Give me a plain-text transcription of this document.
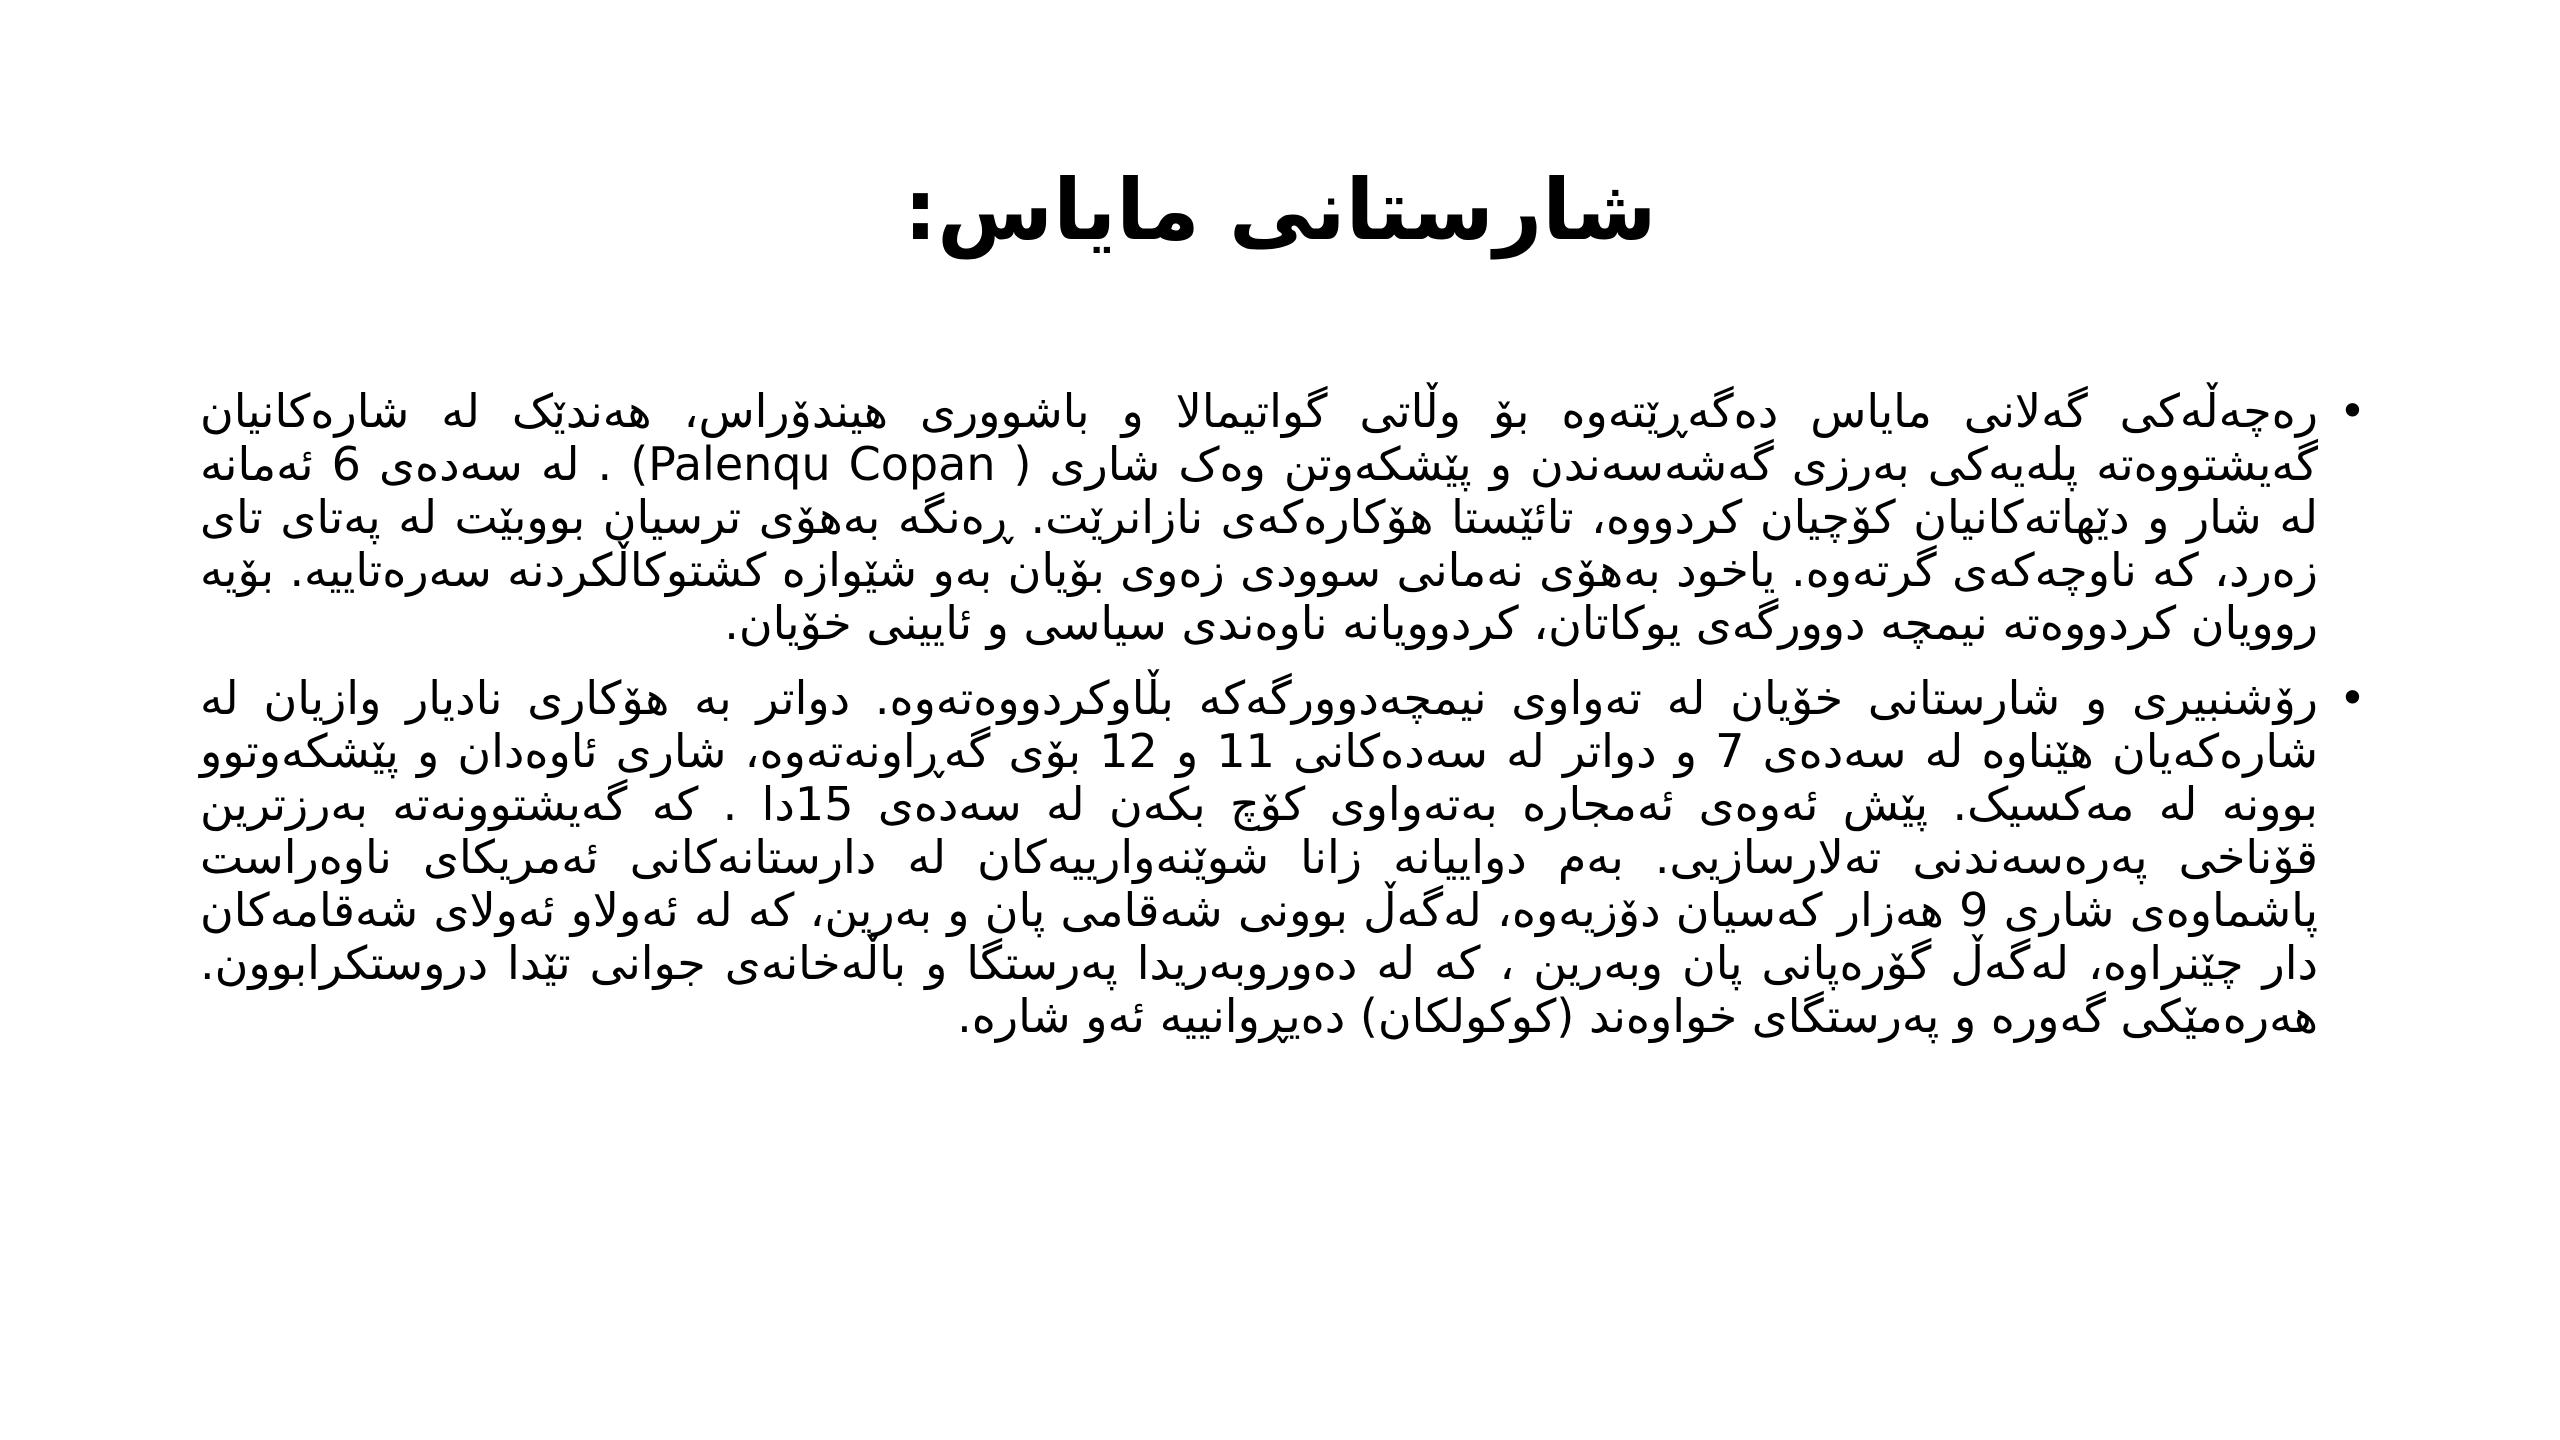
شارستانی مایاس:
•
رەچەڵەکی گەلانی مایاس دەگەڕێتەوە بۆ وڵاتی گواتیمالا و باشووری هیندۆراس، هەندێک لە شارەکانیان گەیشتووەتە پلەیەکی بەرزی گەشەسەندن و پێشکەوتن وەک شاری ( Palenqu Copan) . لە سەدەی 6 ئەمانە لە شار و دێهاتەکانیان کۆچیان کردووە، تائێستا هۆکارەکەی نازانرێت. ڕەنگە بەهۆی ترسیان بووبێت لە پەتای تای زەرد، کە ناوچەکەی گرتەوە. یاخود بەهۆی نەمانی سوودی زەوی بۆیان بەو شێوازە کشتوکاڵکردنە سەرەتاییە. بۆیە روویان کردووەتە نیمچە دوورگەی یوکاتان، کردوویانە ناوەندی سیاسی و ئایینی خۆیان.
•
رۆشنبیری و شارستانی خۆیان لە تەواوی نیمچەدوورگەکە بڵاوکردووەتەوە. دواتر بە هۆکاری نادیار وازیان لە شارەکەیان هێناوە لە سەدەی 7 و دواتر لە سەدەکانی 11 و 12 بۆی گەڕاونەتەوە، شاری ئاوەدان و پێشکەوتوو بوونە لە مەکسیک. پێش ئەوەی ئەمجارە بەتەواوی کۆچ بکەن لە سەدەی 15دا . کە گەیشتوونەتە بەرزترین قۆناخی پەرەسەندنی تەلارسازیی. بەم دواییانە زانا شوێنەوارییەکان لە دارستانەکانی ئەمریکای ناوەراست پاشماوەی شاری 9 هەزار کەسیان دۆزیەوە، لەگەڵ بوونی شەقامی پان و بەرین، کە لە ئەولاو ئەولای شەقامەکان دار چێنراوە، لەگەڵ گۆرەپانی پان وبەرین ، کە لە دەوروبەریدا پەرستگا و باڵەخانەی جوانی تێدا دروستکرابوون. هەرەمێکی گەورە و پەرستگای خواوەند (کوکولکان) دەیڕوانییە ئەو شارە.
